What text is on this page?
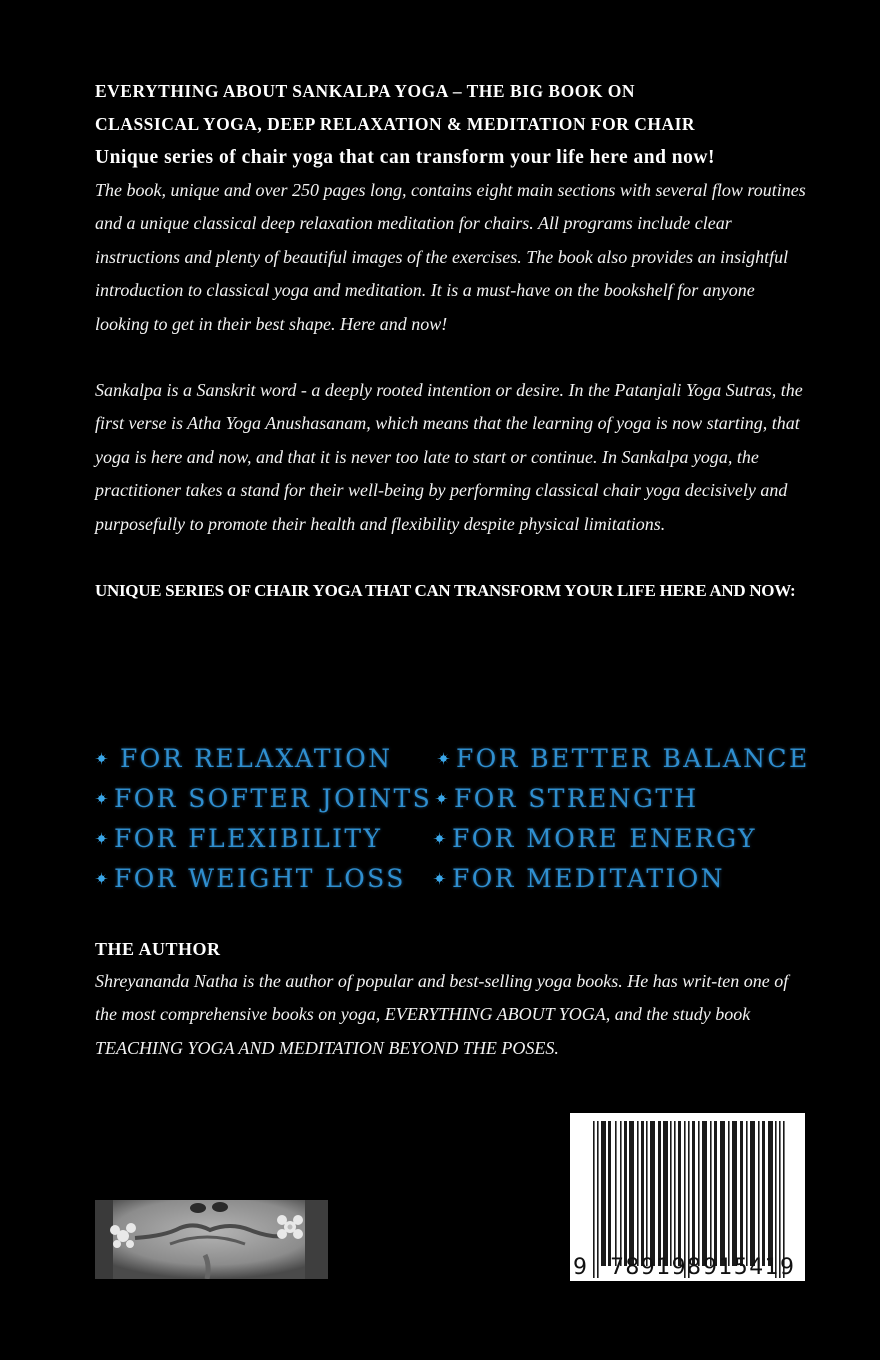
EVERYTHING ABOUT SANKALPA YOGA – THE BIG BOOK ON

CLASSICAL YOGA, DEEP RELAXATION & MEDITATION FOR CHAIR

Unique series of chair yoga that can transform your life here and now!

The book, unique and over 250 pages long, contains eight main sections with several flow routines and a unique classical deep relaxation meditation for chairs. All programs include clear instructions and plenty of beautiful images of the exercises. The book also provides an insightful introduction to classical yoga and meditation. It is a must-have on the bookshelf for anyone looking to get in their best shape. Here and now!

Sankalpa is a Sanskrit word - a deeply rooted intention or desire. In the Patanjali Yoga Sutras, the first verse is Atha Yoga Anushasanam, which means that the learning of yoga is now starting, that yoga is here and now, and that it is never too late to start or continue. In Sankalpa yoga, the practitioner takes a stand for their well-being by performing classical chair yoga decisively and purposefully to promote their health and flexibility despite physical limitations.

UNIQUE SERIES OF CHAIR YOGA THAT CAN TRANSFORM YOUR LIFE HERE AND NOW:

FOR RELAXATION
FOR SOFTER JOINTS
FOR FLEXIBILITY
FOR WEIGHT LOSS
FOR BETTER BALANCE
FOR STRENGTH
FOR MORE ENERGY
FOR MEDITATION

THE AUTHOR

Shreyananda Natha is the author of popular and best-selling yoga books. He has writ-ten one of the most comprehensive books on yoga, EVERYTHING ABOUT YOGA, and the study book TEACHING YOGA AND MEDITATION BEYOND THE POSES.

9 789198 915419
